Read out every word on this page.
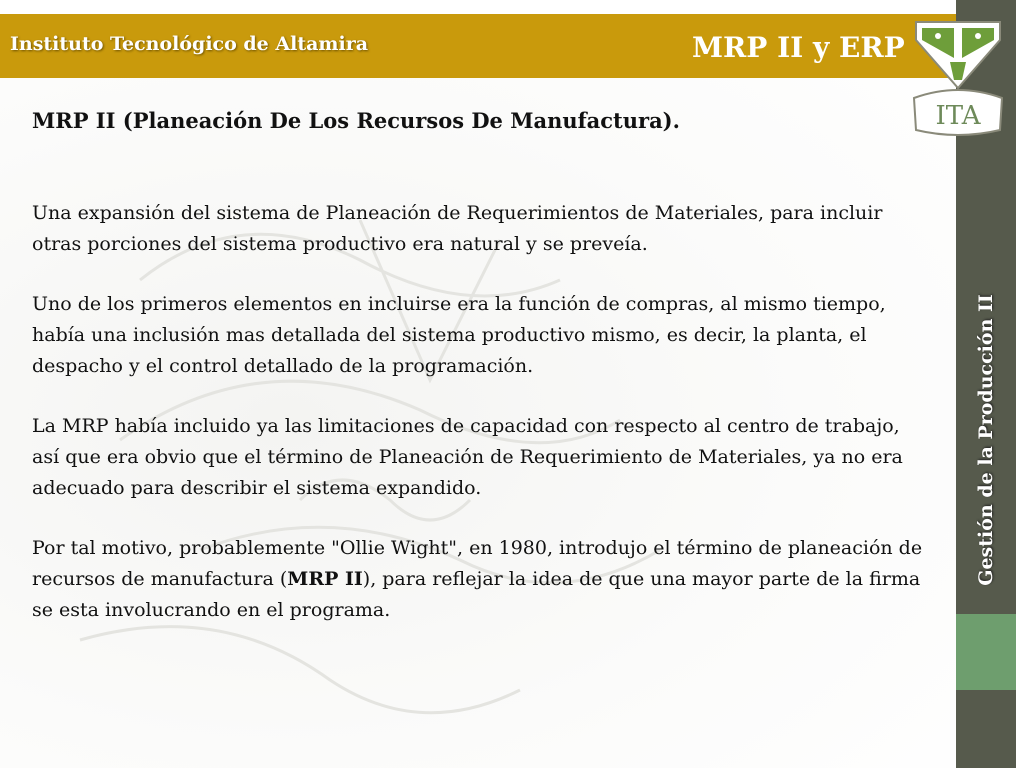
Instituto Tecnológico de Altamira	MRP II y ERP
Gestión de la Producción II
ITA
MRP II (Planeación De Los Recursos De Manufactura).

Una expansión del sistema de Planeación de Requerimientos de Materiales, para incluir otras porciones del sistema productivo era natural y se preveía.

Uno de los primeros elementos en incluirse era la función de compras, al mismo tiempo, había una inclusión mas detallada del sistema productivo mismo, es decir, la planta, el despacho y el control detallado de la programación.

La MRP había incluido ya las limitaciones de capacidad con respecto al centro de trabajo, así que era obvio que el término de Planeación de Requerimiento de Materiales, ya no era adecuado para describir el sistema expandido.

Por tal motivo, probablemente "Ollie Wight", en 1980, introdujo el término de planeación de recursos de manufactura (MRP II), para reflejar la idea de que una mayor parte de la firma se esta involucrando en el programa.
